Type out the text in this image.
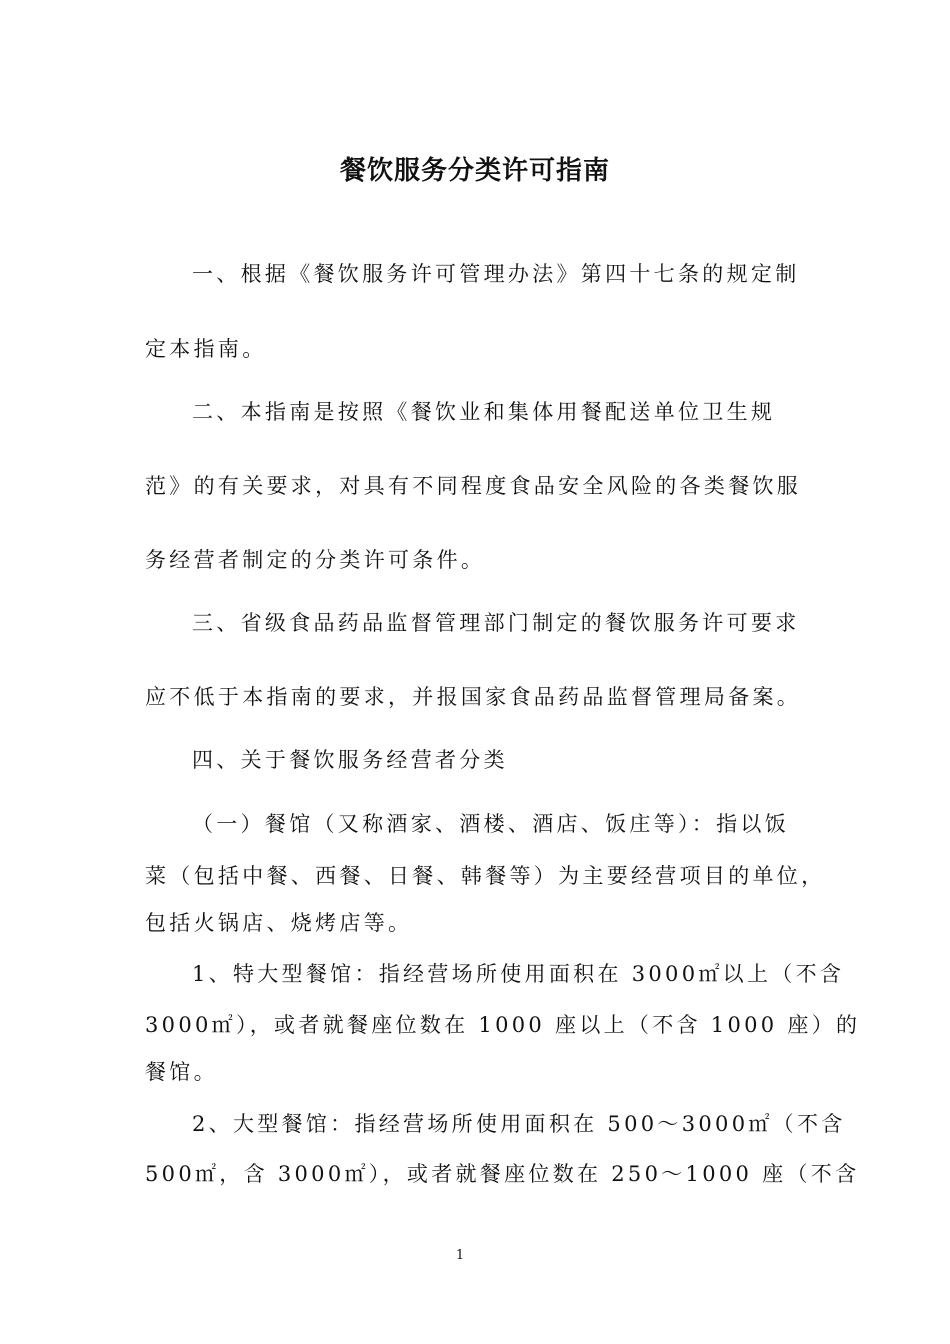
餐饮服务分类许可指南
一、根据《餐饮服务许可管理办法》第四十七条的规定制
定本指南。
二、本指南是按照《餐饮业和集体用餐配送单位卫生规
范》的有关要求，对具有不同程度食品安全风险的各类餐饮服
务经营者制定的分类许可条件。
三、省级食品药品监督管理部门制定的餐饮服务许可要求
应不低于本指南的要求，并报国家食品药品监督管理局备案。
四、关于餐饮服务经营者分类
（一）餐馆（又称酒家、酒楼、酒店、饭庄等）：指以饭
菜（包括中餐、西餐、日餐、韩餐等）为主要经营项目的单位，
包括火锅店、烧烤店等。
1、特大型餐馆：指经营场所使用面积在 3000㎡以上（不含
3000㎡），或者就餐座位数在 1000 座以上（不含 1000 座）的
餐馆。
2、大型餐馆：指经营场所使用面积在 500～3000㎡（不含
500㎡，含 3000㎡），或者就餐座位数在 250～1000 座（不含
1
